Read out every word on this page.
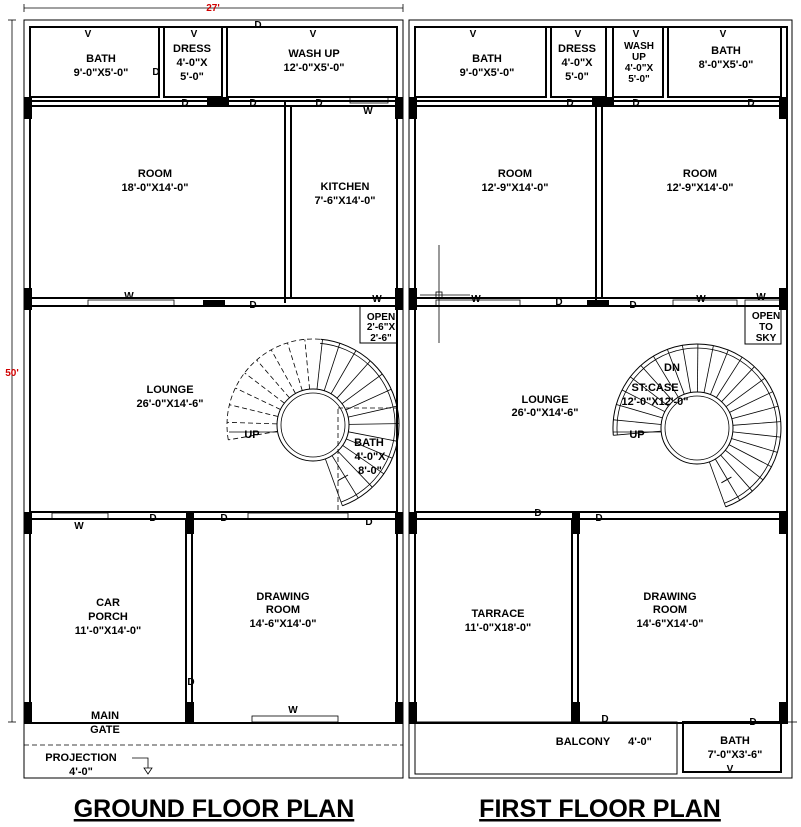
27'
50'
BATH
9'-0"X5'-0"
DRESS
4'-0"X
5'-0"
WASH UP
12'-0"X5'-0"
ROOM
18'-0"X14'-0"	KITCHEN
7'-6"X14'-0"
OPEN
2'-6"X
2'-6"
LOUNGE
26'-0"X14'-6"
BATH
4'-0"X
8'-0"
UP
CAR
PORCH
11'-0"X14'-0"
DRAWING
ROOM
14'-6"X14'-0"
MAIN
GATE
PROJECTION
4'-0"
V	V	V
D
D
D	D	D
W
W
D
W
W
D	D	D
D
W
BATH
9'-0"X5'-0"
DRESS
4'-0"X
5'-0"
WASH
UP
4'-0"X
5'-0"
BATH
8'-0"X5'-0"
ROOM
12'-9"X14'-0"
ROOM
12'-9"X14'-0"
OPEN
TO
SKY
LOUNGE
26'-0"X14'-6"
ST:CASE
12'-0"X12'-0"
DN
UP
TARRACE
11'-0"X18'-0"
DRAWING
ROOM
14'-6"X14'-0"
BALCONY 4'-0"	BATH
7'-0"X3'-6"
V	V	V	V
D	D	D
W	D	D
W	W
D	D
D	D
V
GROUND FLOOR PLAN	FIRST FLOOR PLAN
